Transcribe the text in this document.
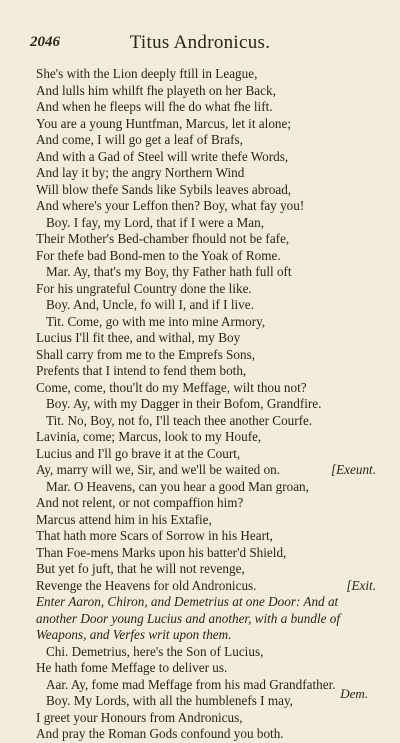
2046	Titus Andronicus.
She's with the Lion deeply ftill in League,
And lulls him whilft fhe playeth on her Back,
And when he fleeps will fhe do what fhe lift.
You are a young Huntfman, Marcus, let it alone;
And come, I will go get a leaf of Brafs,
And with a Gad of Steel will write thefe Words,
And lay it by; the angry Northern Wind
Will blow thefe Sands like Sybils leaves abroad,
And where's your Leffon then? Boy, what fay you!
Boy. I fay, my Lord, that if I were a Man,
Their Mother's Bed-chamber fhould not be fafe,
For thefe bad Bond-men to the Yoak of Rome.
Mar. Ay, that's my Boy, thy Father hath full oft
For his ungrateful Country done the like.
Boy. And, Uncle, fo will I, and if I live.
Tit. Come, go with me into mine Armory,
Lucius I'll fit thee, and withal, my Boy
Shall carry from me to the Emprefs Sons,
Prefents that I intend to fend them both,
Come, come, thou'lt do my Meffage, wilt thou not?
Boy. Ay, with my Dagger in their Bofom, Grandfire.
Tit. No, Boy, not fo, I'll teach thee another Courfe.
Lavinia, come; Marcus, look to my Houfe,
Lucius and I'll go brave it at the Court,
Ay, marry will we, Sir, and we'll be waited on.	[Exeunt.
Mar. O Heavens, can you hear a good Man groan,
And not relent, or not compaffion him?
Marcus attend him in his Extafie,
That hath more Scars of Sorrow in his Heart,
Than Foe-mens Marks upon his batter'd Shield,
But yet fo juft, that he will not revenge,
Revenge the Heavens for old Andronicus.	[Exit.
Enter Aaron, Chiron, and Demetrius at one Door: And at
another Door young Lucius and another, with a bundle of
Weapons, and Verfes writ upon them.
Chi. Demetrius, here's the Son of Lucius,
He hath fome Meffage to deliver us.
Aar. Ay, fome mad Meffage from his mad Grandfather.
Boy. My Lords, with all the humblenefs I may,
I greet your Honours from Andronicus,
And pray the Roman Gods confound you both.
Dem.
